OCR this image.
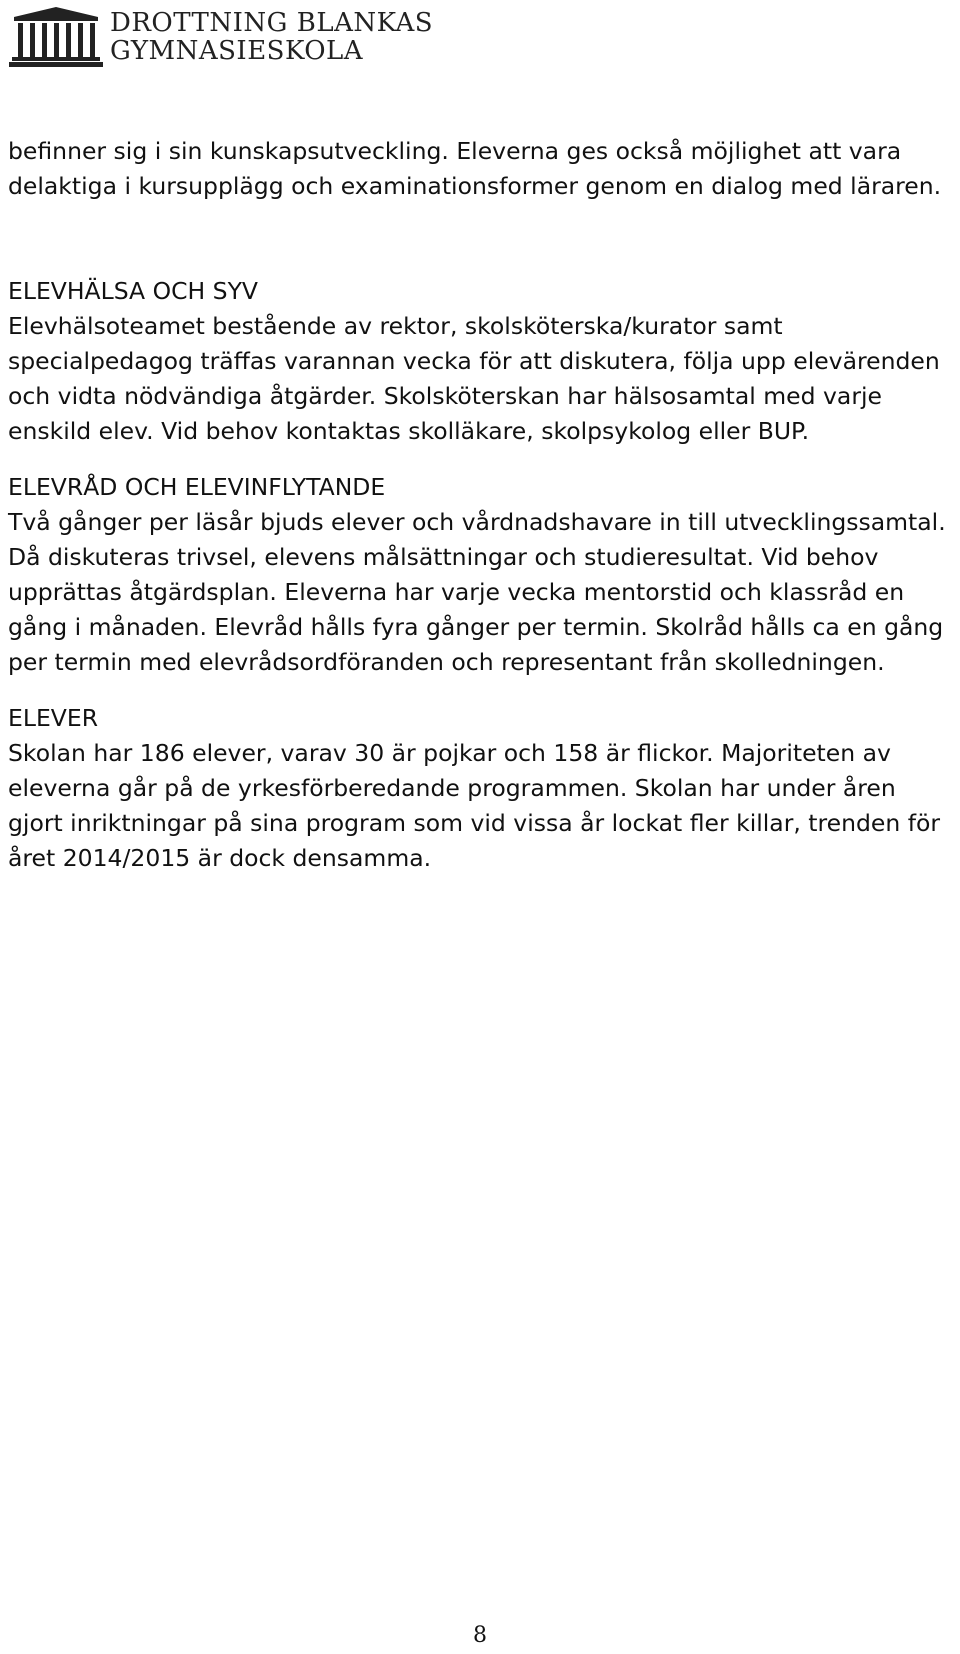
DROTTNING BLANKAS
GYMNASIESKOLA

befinner sig i sin kunskapsutveckling. Eleverna ges också möjlighet att vara delaktiga i kursupplägg och examinationsformer genom en dialog med läraren.

ELEVHÄLSA OCH SYV

Elevhälsoteamet bestående av rektor, skolsköterska/kurator samt specialpedagog träffas varannan vecka för att diskutera, följa upp elevärenden och vidta nödvändiga åtgärder. Skolsköterskan har hälsosamtal med varje enskild elev. Vid behov kontaktas skolläkare, skolpsykolog eller BUP.

ELEVRÅD OCH ELEVINFLYTANDE

Två gånger per läsår bjuds elever och vårdnadshavare in till utvecklingssamtal. Då diskuteras trivsel, elevens målsättningar och studieresultat. Vid behov upprättas åtgärdsplan. Eleverna har varje vecka mentorstid och klassråd en gång i månaden. Elevråd hålls fyra gånger per termin. Skolråd hålls ca en gång per termin med elevrådsordföranden och representant från skolledningen.

ELEVER

Skolan har 186 elever, varav 30 är pojkar och 158 är flickor. Majoriteten av eleverna går på de yrkesförberedande programmen. Skolan har under åren gjort inriktningar på sina program som vid vissa år lockat fler killar, trenden för året 2014/2015 är dock densamma.

8
